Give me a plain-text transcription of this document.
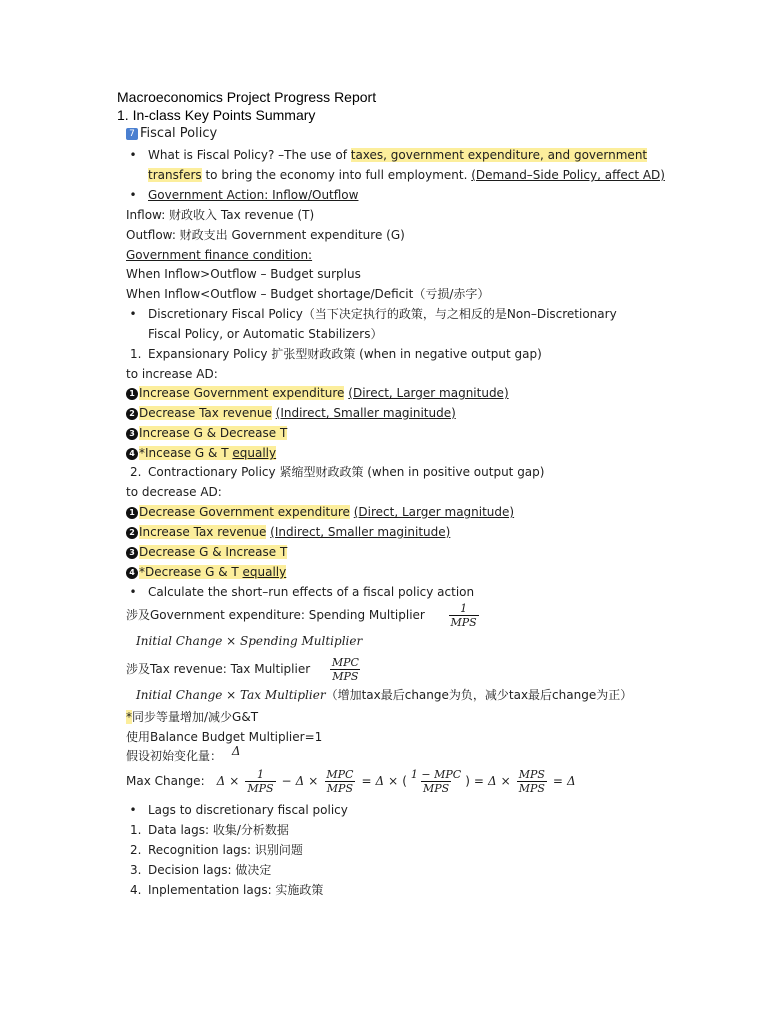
Macroeconomics Project Progress Report
1. In-class Key Points Summary
7 Fiscal Policy
• What is Fiscal Policy? –The use of taxes, government expenditure, and government
transfers to bring the economy into full employment. (Demand–Side Policy, affect AD)
• Government Action: Inflow/Outflow
Inflow: 财政收入 Tax revenue (T)
Outflow: 财政支出 Government expenditure (G)
Government finance condition:
When Inflow>Outflow – Budget surplus
When Inflow<Outflow – Budget shortage/Deficit（亏损/赤字）
• Discretionary Fiscal Policy（当下决定执行的政策，与之相反的是Non–Discretionary
Fiscal Policy, or Automatic Stabilizers）
1. Expansionary Policy 扩张型财政政策 (when in negative output gap)
to increase AD:
1 Increase Government expenditure (Direct, Larger magnitude)
2 Decrease Tax revenue (Indirect, Smaller maginitude)
3 Increase G & Decrease T
4 *Incease G & T equally
2. Contractionary Policy 紧缩型财政政策 (when in positive output gap)
to decrease AD:
1 Decrease Government expenditure (Direct, Larger magnitude)
2 Increase Tax revenue (Indirect, Smaller maginitude)
3 Decrease G & Increase T
4 *Decrease G & T equally
• Calculate the short–run effects of a fiscal policy action
涉及Government expenditure: Spending Multiplier $\frac{1}{\text{MPS}}$
Initial Change × Spending Multiplier
涉及Tax revenue: Tax Multiplier $\frac{\text{MPC}}{\text{MPS}}$
Initial Change × Tax Multiplier（增加tax最后change为负，减少tax最后change为正）
*同步等量增加/减少G&T
使用Balance Budget Multiplier=1
假设初始变化量： Δ
Max Change: $\Delta \times \frac{1}{\text{MPS}} - \Delta \times \frac{\text{MPC}}{\text{MPS}} = \Delta$ × ( $\frac{\text{1 − MPC}}{\text{MPS}}$ ) = $\Delta \times \frac{\text{MPS}}{\text{MPS}} = \Delta$
• Lags to discretionary fiscal policy
1. Data lags: 收集/分析数据
2. Recognition lags: 识别问题
3. Decision lags: 做决定
4. Inplementation lags: 实施政策
